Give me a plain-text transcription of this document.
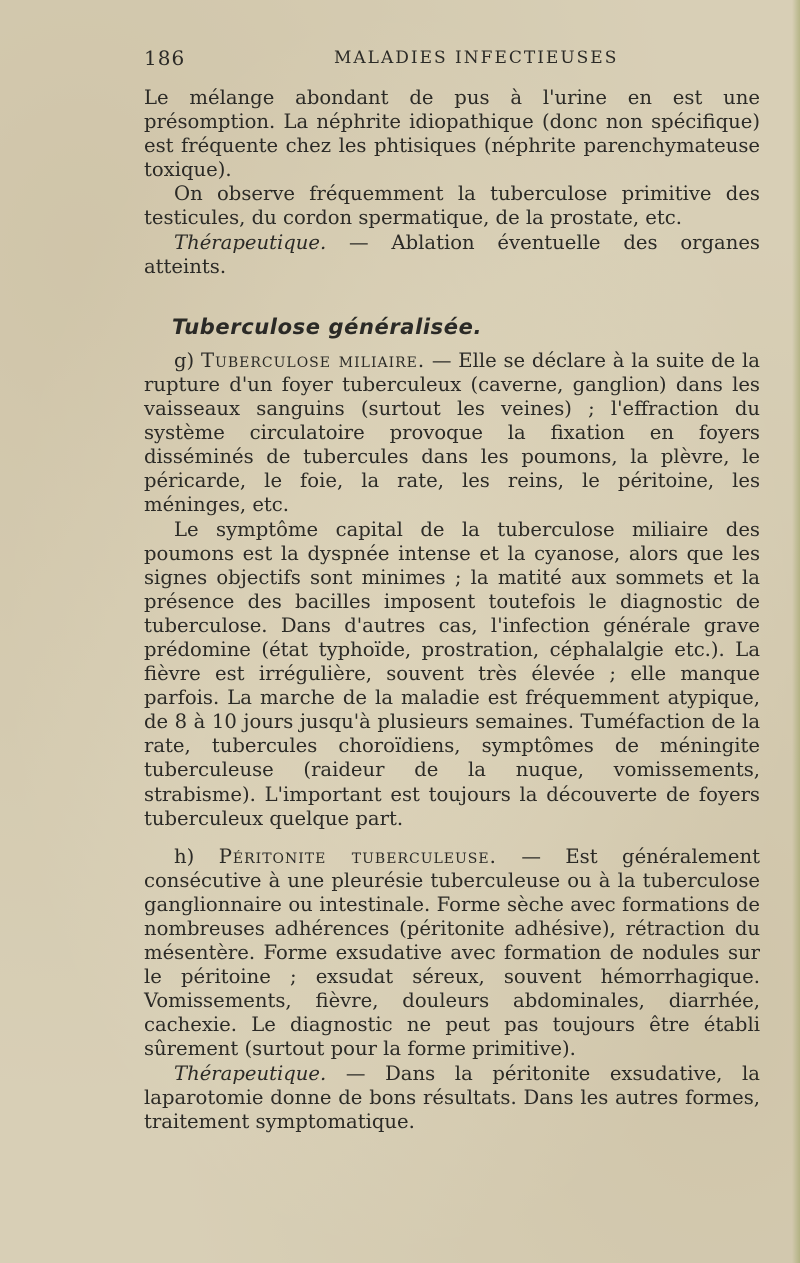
186	MALADIES INFECTIEUSES

Le mélange abondant de pus à l'urine en est une présomption. La néphrite idiopathique (donc non spécifique) est fréquente chez les phtisiques (néphrite parenchymateuse toxique).

On observe fréquemment la tuberculose primitive des testicules, du cordon spermatique, de la prostate, etc.

Thérapeutique. — Ablation éventuelle des organes atteints.

Tuberculose généralisée.

g) Tuberculose miliaire. — Elle se déclare à la suite de la rupture d'un foyer tuberculeux (caverne, ganglion) dans les vaisseaux sanguins (surtout les veines) ; l'effraction du système circulatoire provoque la fixation en foyers disséminés de tubercules dans les poumons, la plèvre, le péricarde, le foie, la rate, les reins, le péritoine, les méninges, etc.

Le symptôme capital de la tuberculose miliaire des poumons est la dyspnée intense et la cyanose, alors que les signes objectifs sont minimes ; la matité aux sommets et la présence des bacilles imposent toutefois le diagnostic de tuberculose. Dans d'autres cas, l'infection générale grave prédomine (état typhoïde, prostration, céphalalgie etc.). La fièvre est irrégulière, souvent très élevée ; elle manque parfois. La marche de la maladie est fréquemment atypique, de 8 à 10 jours jusqu'à plusieurs semaines. Tuméfaction de la rate, tubercules choroïdiens, symptômes de méningite tuberculeuse (raideur de la nuque, vomissements, strabisme). L'important est toujours la découverte de foyers tuberculeux quelque part.

h) Péritonite tuberculeuse. — Est généralement consécutive à une pleurésie tuberculeuse ou à la tuberculose ganglionnaire ou intestinale. Forme sèche avec formations de nombreuses adhérences (péritonite adhésive), rétraction du mésentère. Forme exsudative avec formation de nodules sur le péritoine ; exsudat séreux, souvent hémorrhagique. Vomissements, fièvre, douleurs abdominales, diarrhée, cachexie. Le diagnostic ne peut pas toujours être établi sûrement (surtout pour la forme primitive).

Thérapeutique. — Dans la péritonite exsudative, la laparotomie donne de bons résultats. Dans les autres formes, traitement symptomatique.
